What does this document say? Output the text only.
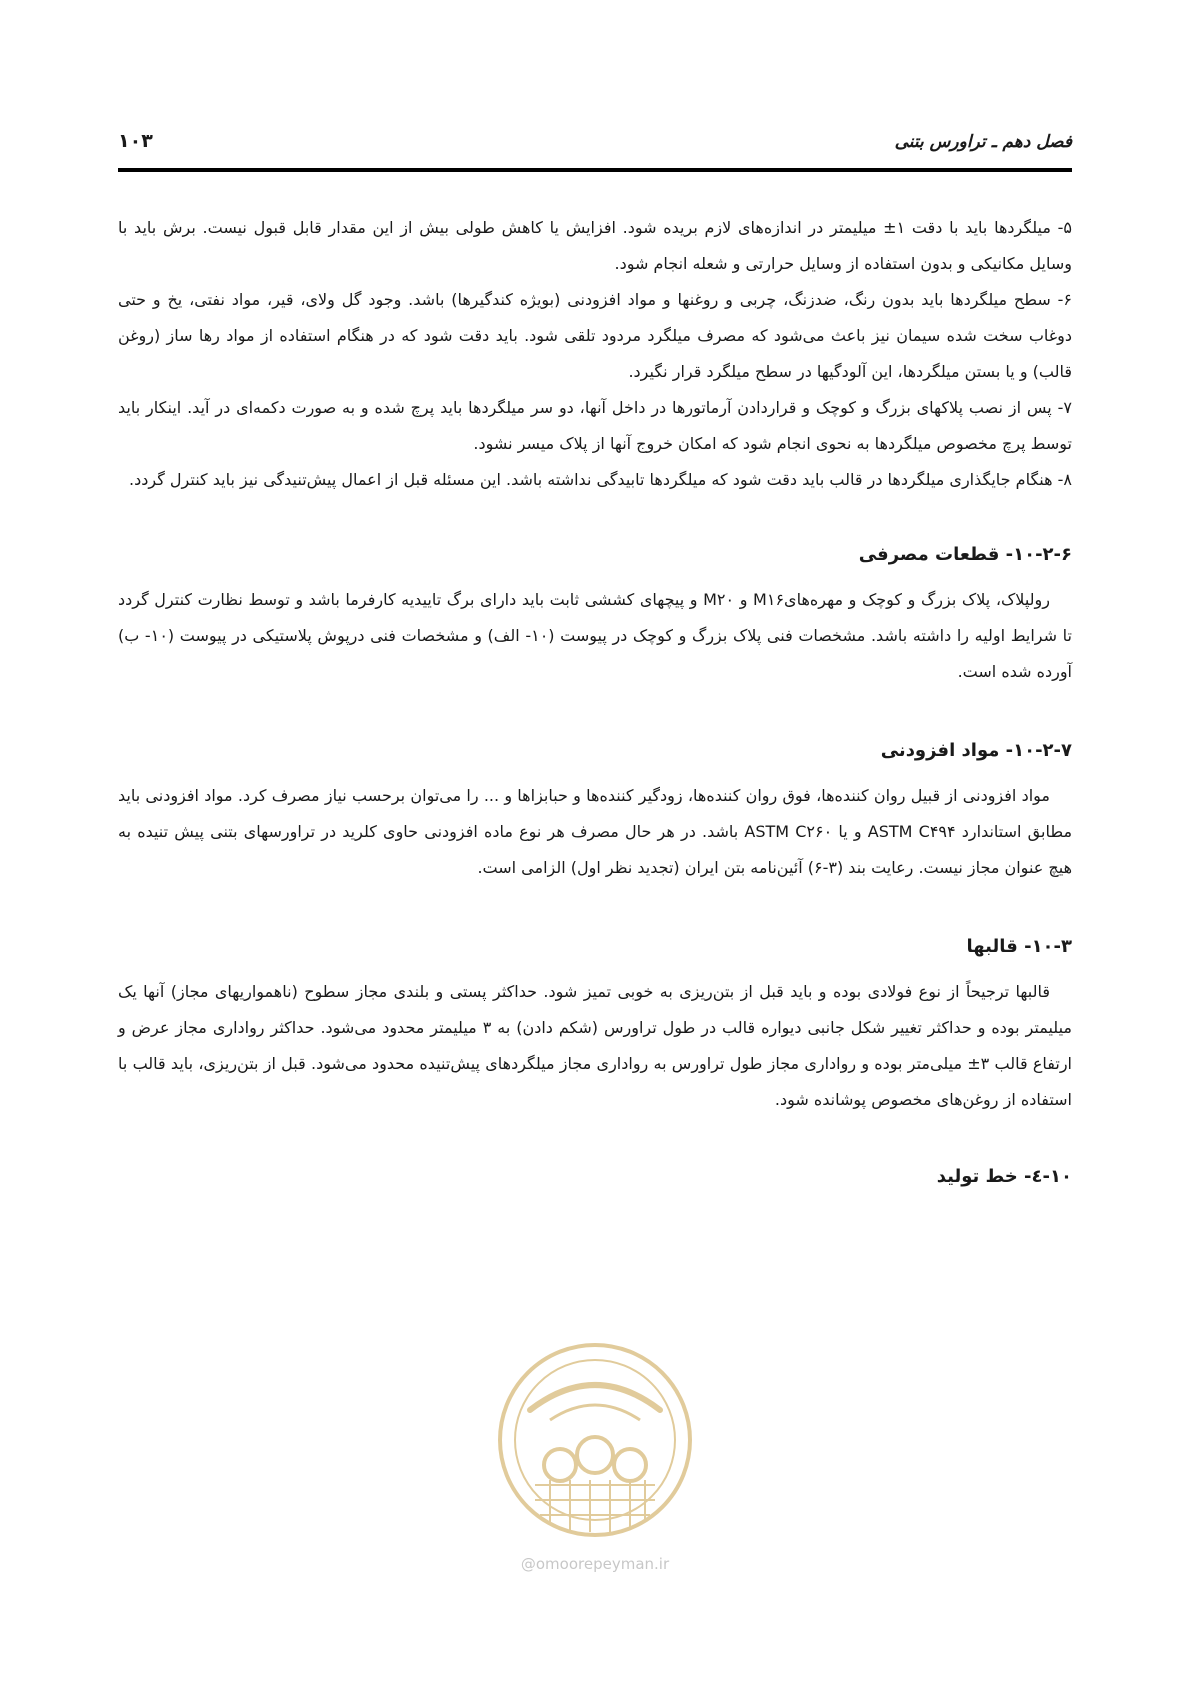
فصل دهم ـ تراورس بتنی
۱۰۳

۵- میلگردها باید با دقت ۱± میلیمتر در اندازه‌های لازم بریده شود. افزایش یا کاهش طولی بیش از این مقدار قابل قبول نیست. برش باید با وسایل مکانیکی و بدون استفاده از وسایل حرارتی و شعله انجام شود.

۶- سطح میلگردها باید بدون رنگ، ضدزنگ، چربی و روغنها و مواد افزودنی (بویژه کندگیرها) باشد. وجود گل ولای، قیر، مواد نفتی، یخ و حتی دوغاب سخت شده سیمان نیز باعث می‌شود که مصرف میلگرد مردود تلقی شود. باید دقت شود که در هنگام استفاده از مواد رها ساز (روغن قالب) و یا بستن میلگردها، این آلودگیها در سطح میلگرد قرار نگیرد.

۷- پس از نصب پلاکهای بزرگ و کوچک و قراردادن آرماتورها در داخل آنها، دو سر میلگردها باید پرچ شده و به صورت دکمه‌ای در آید. اینکار باید توسط پرچ مخصوص میلگردها به نحوی انجام شود که امکان خروج آنها از پلاک میسر نشود.

۸- هنگام جایگذاری میلگردها در قالب باید دقت شود که میلگردها تابیدگی نداشته باشد. این مسئله قبل از اعمال پیش‌تنیدگی نیز باید کنترل گردد.

۱۰-۲-۶- قطعات مصرفی

رولپلاک، پلاک بزرگ و کوچک و مهره‌هایM۱۶ و M۲۰ و پیچهای کششی ثابت باید دارای برگ تاییدیه کارفرما باشد و توسط نظارت کنترل گردد تا شرایط اولیه را داشته باشد. مشخصات فنی پلاک بزرگ و کوچک در پیوست (۱۰- الف) و مشخصات فنی درپوش پلاستیکی در پیوست (۱۰- ب) آورده شده است.

۱۰-۲-۷- مواد افزودنی

مواد افزودنی از قبیل روان کننده‌ها، فوق روان کننده‌ها، زودگیر کننده‌ها و حبابزاها و ... را می‌توان برحسب نیاز مصرف کرد. مواد افزودنی باید مطابق استاندارد ASTM C۴۹۴ و یا ASTM C۲۶۰ باشد. در هر حال مصرف هر نوع ماده افزودنی حاوی کلرید در تراورسهای بتنی پیش تنیده به هیچ عنوان مجاز نیست. رعایت بند (۳-۶) آئین‌نامه بتن ایران (تجدید نظر اول) الزامی است.

۱۰-۳- قالبها

قالبها ترجیحاً از نوع فولادی بوده و باید قبل از بتن‌ریزی به خوبی تمیز شود. حداکثر پستی و بلندی مجاز سطوح (ناهمواریهای مجاز) آنها یک میلیمتر بوده و حداکثر تغییر شکل جانبی دیواره قالب در طول تراورس (شکم دادن) به ۳ میلیمتر محدود می‌شود. حداکثر رواداری مجاز عرض و ارتفاع قالب ۳± میلی‌متر بوده و رواداری مجاز طول تراورس به رواداری مجاز میلگردهای پیش‌تنیده محدود می‌شود. قبل از بتن‌ریزی، باید قالب با استفاده از روغن‌های مخصوص پوشانده شود.

۱۰-٤- خط تولید
@omoorepeyman.ir
